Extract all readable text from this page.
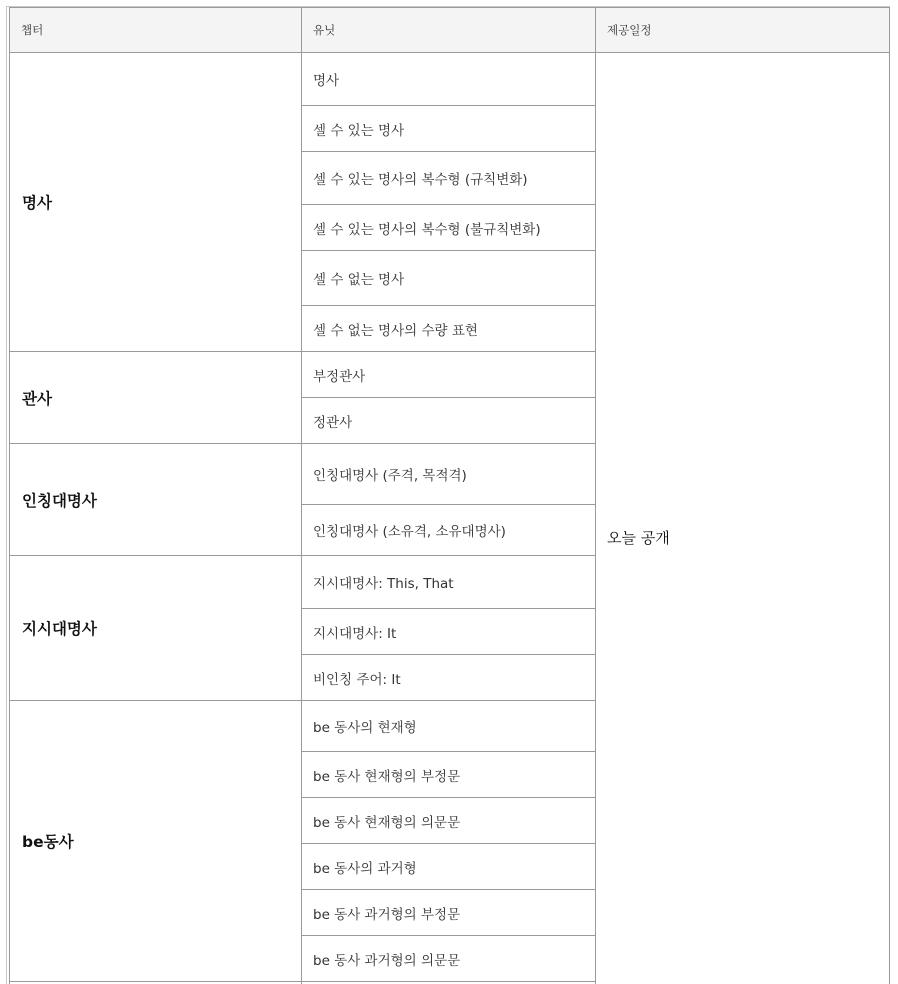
챕터	유닛	제공일정
명사	명사	오늘 공개
	셀 수 있는 명사	
	셀 수 있는 명사의 복수형 (규칙변화)	
	셀 수 있는 명사의 복수형 (불규칙변화)	
	셀 수 없는 명사	
	셀 수 없는 명사의 수량 표현	
관사	부정관사	
	정관사	
인칭대명사	인칭대명사 (주격, 목적격)	
	인칭대명사 (소유격, 소유대명사)	
지시대명사	지시대명사: This, That	
	지시대명사: It	
	비인칭 주어: It	
be동사	be 동사의 현재형	
	be 동사 현재형의 부정문	
	be 동사 현재형의 의문문	
	be 동사의 과거형	
	be 동사 과거형의 부정문	
	be 동사 과거형의 의문문	
